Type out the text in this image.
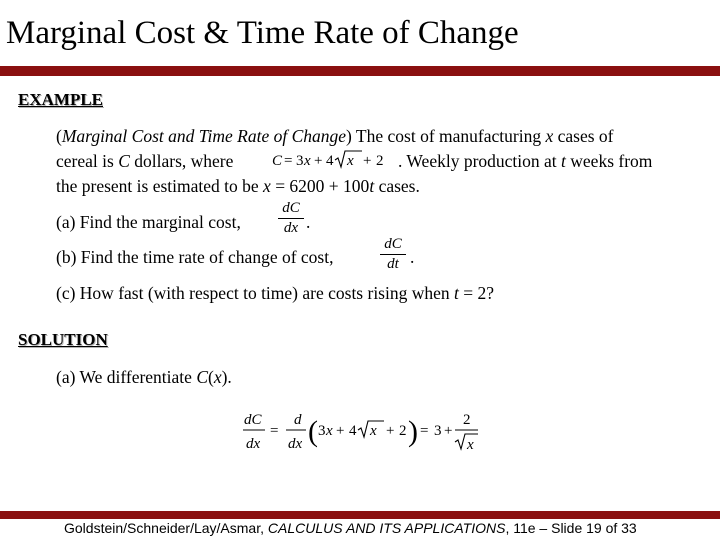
Marginal Cost & Time Rate of Change
EXAMPLE
(Marginal Cost and Time Rate of Change) The cost of manufacturing x cases of
cereal is C dollars, where	C = 3 x + 4 x + 2 . Weekly production at t weeks from
the present is estimated to be x = 6200 + 100t cases.
(a) Find the marginal cost,
dC
dx .
(b) Find the time rate of change of cost,
dC
dt .
(c) How fast (with respect to time) are costs rising when t = 2?
SOLUTION
(a) We differentiate C(x).
dC
dx
=
d
dx ( 3 x + 4 x + 2 ) = 3 +
2
x
Goldstein/Schneider/Lay/Asmar, CALCULUS AND ITS APPLICATIONS, 11e – Slide 19 of 33
